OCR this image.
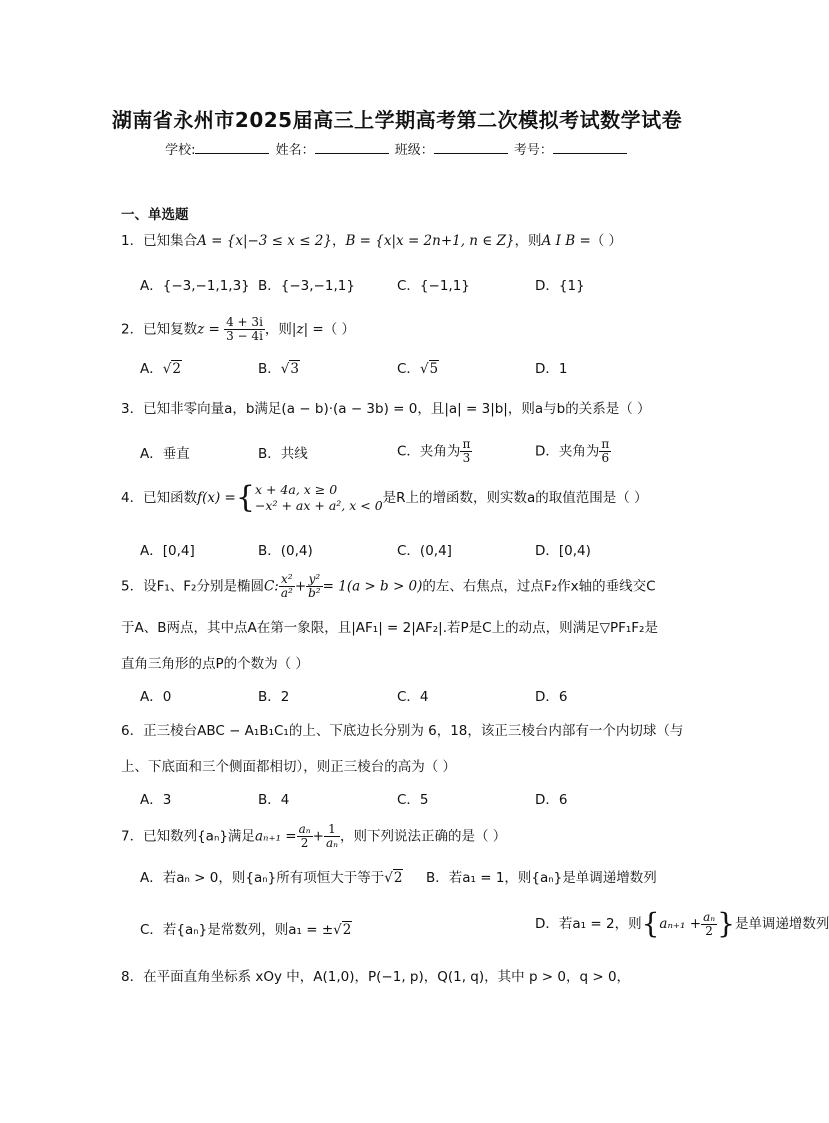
湖南省永州市2025届高三上学期高考第二次模拟考试数学试卷
学校:	姓名：	班级：	考号：
一、单选题
1．已知集合A = {x|−3 ≤ x ≤ 2}，B = {x|x = 2n+1, n ∈ Z}，则A I B =（ ）
A．{−3,−1,1,3} B．{−3,−1,1}	C．{−1,1}	D．{1}
2．已知复数$z = \frac{4 + 3i}{3 - 4i}$ ，则|z| =（ ）
A．√2	B．√3	C．√5	D．1
3．已知非零向量a，b满足(a − b)·(a − 3b) = 0，且|a| = 3|b|，则a与b的关系是（ ）
A．垂直	B．共线	C．夹角为 $\frac{\pi}{3}$	D．夹角为 $\frac{\pi}{6}$
4．已知函数f(x) ={ x + 4a, x ≥ 0
−x² + ax + a², x < 0 是R上的增函数，则实数a的取值范围是（ ）
A．[0,4]	B．(0,4)	C．(0,4]	D．[0,4)
5．设F₁、F₂分别是椭圆C: $\frac{\text{x²}}{\text{a²}} + \frac{\text{y²}}{\text{b²}} = 1(a > b > 0)$的左、右焦点，过点F₂作x轴的垂线交C
于A、B两点，其中点A在第一象限，且|AF₁| = 2|AF₂|.若P是C上的动点，则满足▽PF₁F₂是
直角三角形的点P的个数为（ ）
A．0	B．2	C．4	D．6
6．正三棱台ABC − A₁B₁C₁的上、下底边长分别为 6，18，该正三棱台内部有一个内切球（与
上、下底面和三个侧面都相切），则正三棱台的高为（ ）
A．3	B．4	C．5	D．6
7．已知数列{aₙ}满足$a_{n+1} = \frac{\text{aₙ}}{2} + \frac{1}{\text{aₙ}}$ ，则下列说法正确的是（ ）
A．若aₙ > 0，则{aₙ}所有项恒大于等于√2 B．若a₁ = 1，则{aₙ}是单调递增数列
C．若{aₙ}是常数列，则a₁ = ±√2	D．若a₁ = 2，则{$a_{n+1} + \frac{\text{aₙ}}{2}$ }是单调递增数列
8．在平面直角坐标系 xOy 中，A(1,0)，P(−1, p)，Q(1, q)，其中 p > 0，q > 0，
